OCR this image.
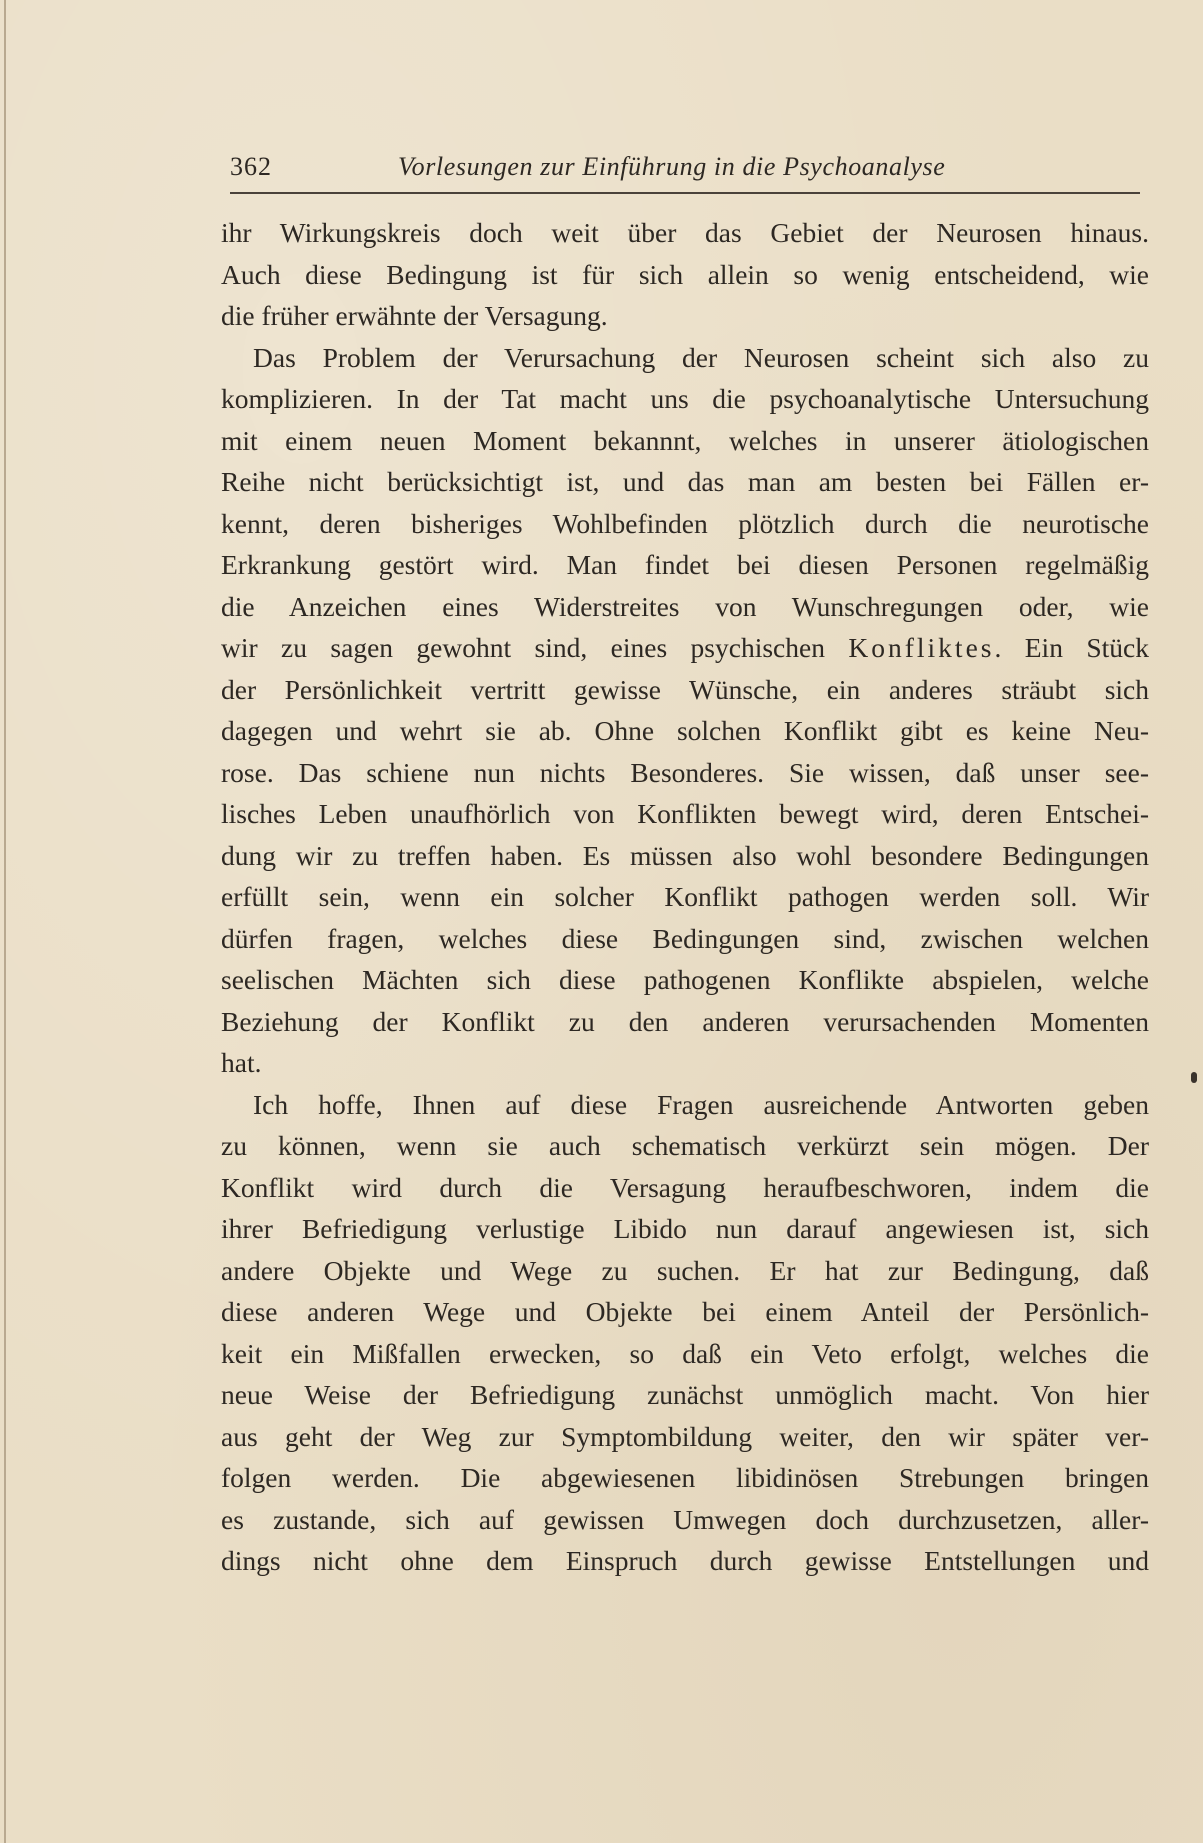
362	Vorlesungen zur Einführung in die Psychoanalyse
ihr Wirkungskreis doch weit über das Gebiet der Neurosen hinaus.
Auch diese Bedingung ist für sich allein so wenig entscheidend, wie
die früher erwähnte der Versagung.
Das Problem der Verursachung der Neurosen scheint sich also zu
komplizieren. In der Tat macht uns die psychoanalytische Untersuchung
mit einem neuen Moment bekannnt, welches in unserer ätiologischen
Reihe nicht berücksichtigt ist, und das man am besten bei Fällen er-
kennt, deren bisheriges Wohlbefinden plötzlich durch die neurotische
Erkrankung gestört wird. Man findet bei diesen Personen regelmäßig
die Anzeichen eines Widerstreites von Wunschregungen oder, wie
wir zu sagen gewohnt sind, eines psychischen Konfliktes. Ein Stück
der Persönlichkeit vertritt gewisse Wünsche, ein anderes sträubt sich
dagegen und wehrt sie ab. Ohne solchen Konflikt gibt es keine Neu-
rose. Das schiene nun nichts Besonderes. Sie wissen, daß unser see-
lisches Leben unaufhörlich von Konflikten bewegt wird, deren Entschei-
dung wir zu treffen haben. Es müssen also wohl besondere Bedingungen
erfüllt sein, wenn ein solcher Konflikt pathogen werden soll. Wir
dürfen fragen, welches diese Bedingungen sind, zwischen welchen
seelischen Mächten sich diese pathogenen Konflikte abspielen, welche
Beziehung der Konflikt zu den anderen verursachenden Momenten
hat.
Ich hoffe, Ihnen auf diese Fragen ausreichende Antworten geben
zu können, wenn sie auch schematisch verkürzt sein mögen. Der
Konflikt wird durch die Versagung heraufbeschworen, indem die
ihrer Befriedigung verlustige Libido nun darauf angewiesen ist, sich
andere Objekte und Wege zu suchen. Er hat zur Bedingung, daß
diese anderen Wege und Objekte bei einem Anteil der Persönlich-
keit ein Mißfallen erwecken, so daß ein Veto erfolgt, welches die
neue Weise der Befriedigung zunächst unmöglich macht. Von hier
aus geht der Weg zur Symptombildung weiter, den wir später ver-
folgen werden. Die abgewiesenen libidinösen Strebungen bringen
es zustande, sich auf gewissen Umwegen doch durchzusetzen, aller-
dings nicht ohne dem Einspruch durch gewisse Entstellungen und
